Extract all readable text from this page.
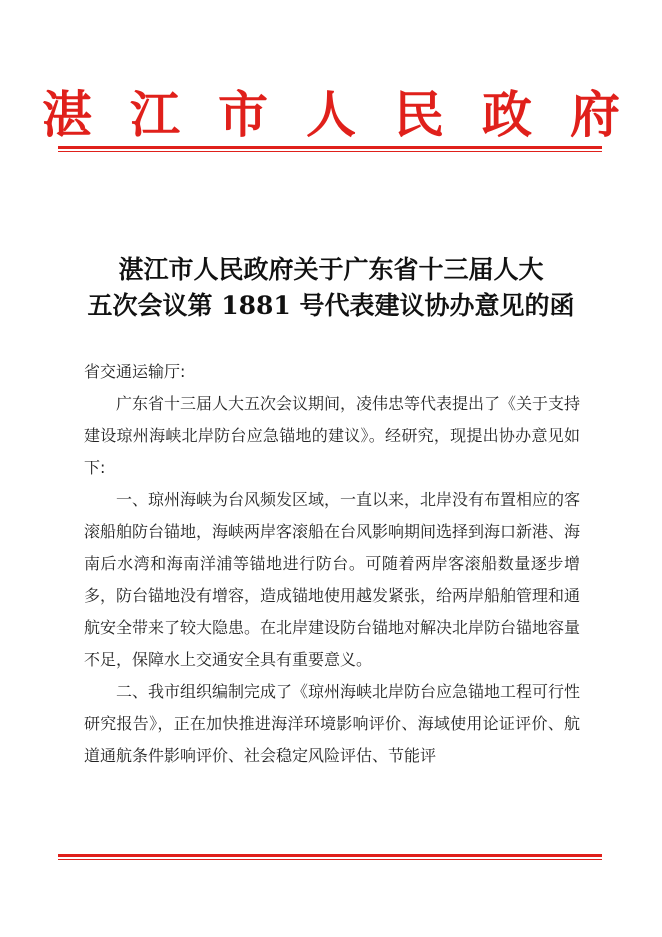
湛江市人民政府
湛江市人民政府关于广东省十三届人大
五次会议第 1881 号代表建议协办意见的函

省交通运输厅:

广东省十三届人大五次会议期间，凌伟忠等代表提出了《关于支持建设琼州海峡北岸防台应急锚地的建议》。经研究，现提出协办意见如下:

一、琼州海峡为台风频发区域，一直以来，北岸没有布置相应的客滚船舶防台锚地，海峡两岸客滚船在台风影响期间选择到海口新港、海南后水湾和海南洋浦等锚地进行防台。可随着两岸客滚船数量逐步增多，防台锚地没有增容，造成锚地使用越发紧张，给两岸船舶管理和通航安全带来了较大隐患。在北岸建设防台锚地对解决北岸防台锚地容量不足，保障水上交通安全具有重要意义。

二、我市组织编制完成了《琼州海峡北岸防台应急锚地工程可行性研究报告》，正在加快推进海洋环境影响评价、海域使用论证评价、航道通航条件影响评价、社会稳定风险评估、节能评
